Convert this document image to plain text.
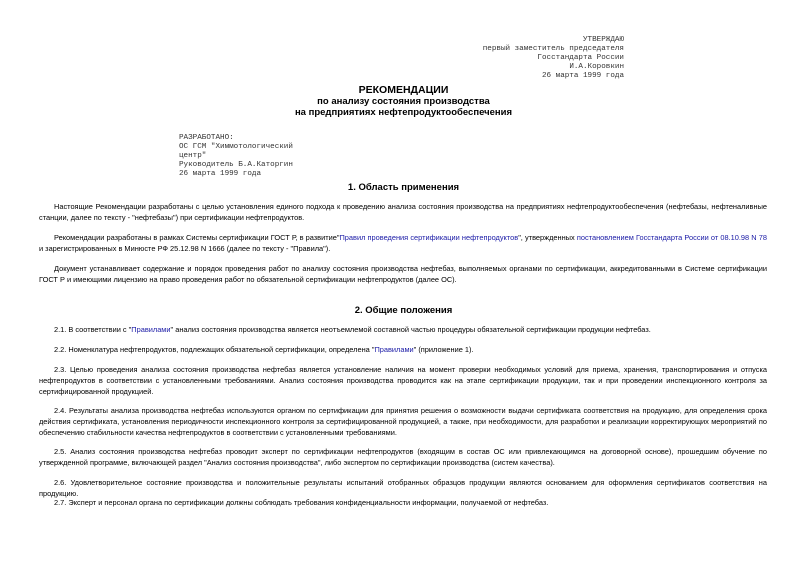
УТВЕРЖДАЮ
первый заместитель председателя
Госстандарта России
И.А.Коровкин
26 марта 1999 года
РЕКОМЕНДАЦИИ
по анализу состояния производства
на предприятиях нефтепродуктообеспечения
РАЗРАБОТАНО:
ОС ГСМ "Химмотологический
центр"
Руководитель Б.А.Каторгин
26 марта 1999 года
1. Область применения
Настоящие Рекомендации разработаны с целью установления единого подхода к проведению анализа состояния производства на предприятиях нефтепродуктообеспечения (нефтебазы, нефтеналивные станции, далее по тексту - "нефтебазы") при сертификации нефтепродуктов.
Рекомендации разработаны в рамках Системы сертификации ГОСТ Р, в развитие"Правил проведения сертификации нефтепродуктов", утвержденных постановлением Госстандарта России от 08.10.98 N 78 и зарегистрированных в Минюсте РФ 25.12.98 N 1666 (далее по тексту - "Правила").
Документ устанавливает содержание и порядок проведения работ по анализу состояния производства нефтебаз, выполняемых органами по сертификации, аккредитованными в Системе сертификации ГОСТ Р и имеющими лицензию на право проведения работ по обязательной сертификации нефтепродуктов (далее ОС).
2. Общие положения
2.1. В соответствии с "Правилами" анализ состояния производства является неотъемлемой составной частью процедуры обязательной сертификации продукции нефтебаз.
2.2. Номенклатура нефтепродуктов, подлежащих обязательной сертификации, определена "Правилами" (приложение 1).
2.3. Целью проведения анализа состояния производства нефтебаз является установление наличия на момент проверки необходимых условий для приема, хранения, транспортирования и отпуска нефтепродуктов в соответствии с установленными требованиями. Анализ состояния производства проводится как на этапе сертификации продукции, так и при проведении инспекционного контроля за сертифицированной продукцией.
2.4. Результаты анализа производства нефтебаз используются органом по сертификации для принятия решения о возможности выдачи сертификата соответствия на продукцию, для определения срока действия сертификата, установления периодичности инспекционного контроля за сертифицированной продукцией, а также, при необходимости, для разработки и реализации корректирующих мероприятий по обеспечению стабильности качества нефтепродуктов в соответствии с установленными требованиями.
2.5. Анализ состояния производства нефтебаз проводит эксперт по сертификации нефтепродуктов (входящим в состав ОС или привлекающимся на договорной основе), прошедшим обучение по утвержденной программе, включающей раздел "Анализ состояния производства", либо экспертом по сертификации производства (систем качества).
2.6. Удовлетворительное состояние производства и положительные результаты испытаний отобранных образцов продукции являются основанием для оформления сертификатов соответствия на продукцию.
2.7. Эксперт и персонал органа по сертификации должны соблюдать требования конфиденциальности информации, получаемой от нефтебаз.
